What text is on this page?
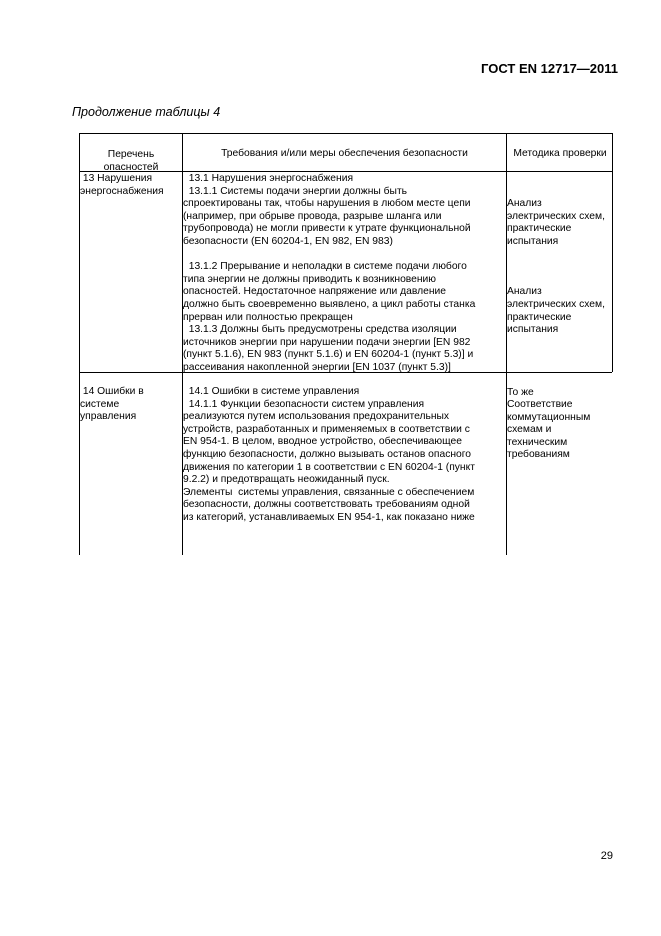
ГОСТ EN 12717—2011
Продолжение таблицы 4
Перечень
опасностей
Требования и/или меры обеспечения безопасности	Методика проверки
13 Нарушения
энергоснабжения
13.1 Нарушения энергоснабжения
13.1.1 Системы подачи энергии должны быть
спроектированы так, чтобы нарушения в любом месте цепи
(например, при обрыве провода, разрыве шланга или
трубопровода) не могли привести к утрате функциональной
безопасности (EN 60204-1, EN 982, EN 983)

13.1.2 Прерывание и неполадки в системе подачи любого
типа энергии не должны приводить к возникновению
опасностей. Недостаточное напряжение или давление
должно быть своевременно выявлено, а цикл работы станка
прерван или полностью прекращен
13.1.3 Должны быть предусмотрены средства изоляции
источников энергии при нарушении подачи энергии [EN 982
(пункт 5.1.6), EN 983 (пункт 5.1.6) и EN 60204-1 (пункт 5.3)] и
рассеивания накопленной энергии [EN 1037 (пункт 5.3)]

Анализ
электрических схем,
практические
испытания

Анализ
электрических схем,
практические
испытания

То же
14 Ошибки в
системе
управления
14.1 Ошибки в системе управления
14.1.1 Функции безопасности систем управления
реализуются путем использования предохранительных
устройств, разработанных и применяемых в соответствии с
EN 954-1. В целом, вводное устройство, обеспечивающее
функцию безопасности, должно вызывать останов опасного
движения по категории 1 в соответствии с EN 60204-1 (пункт
9.2.2) и предотвращать неожиданный пуск.
Элементы  системы управления, связанные с обеспечением
безопасности, должны соответствовать требованиям одной
из категорий, устанавливаемых EN 954-1, как показано ниже
Соответствие
коммутационным
схемам и
техническим
требованиям
29
